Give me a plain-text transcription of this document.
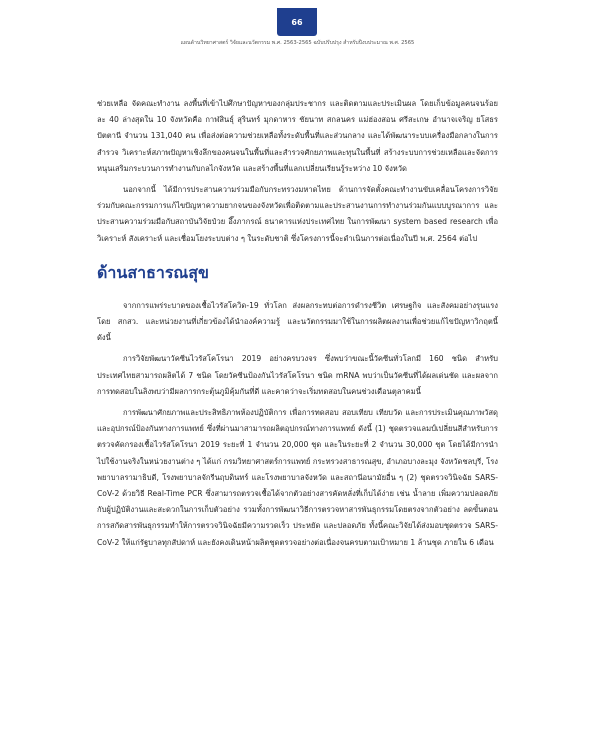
66
แผนด้านวิทยาศาสตร์ วิจัยและนวัตกรรม พ.ศ. 2563-2565 ฉบับปรับปรุง สำหรับปีงบประมาณ พ.ศ. 2565

ช่วยเหลือ จัดคณะทำงาน ลงพื้นที่เข้าไปศึกษาปัญหาของกลุ่มประชากร และติดตามและประเมินผล โดยเก็บข้อมูลคนจนร้อยละ 40 ล่างสุดใน 10 จังหวัดคือ กาฬสินธุ์ สุรินทร์ มุกดาหาร ชัยนาท สกลนคร แม่ฮ่องสอน ศรีสะเกษ อำนาจเจริญ ยโสธร ปัตตานี จำนวน 131,040 คน เพื่อส่งต่อความช่วยเหลือทั้งระดับพื้นที่และส่วนกลาง และได้พัฒนาระบบเครื่องมือกลางในการสำรวจ วิเคราะห์สภาพปัญหาเชิงลึกของคนจนในพื้นที่และสำรวจศักยภาพและทุนในพื้นที่ สร้างระบบการช่วยเหลือและจัดการหนุนเสริมกระบวนการทำงานกับกลไกจังหวัด และสร้างพื้นที่แลกเปลี่ยนเรียนรู้ระหว่าง 10 จังหวัด

นอกจากนี้ ได้มีการประสานความร่วมมือกับกระทรวงมหาดไทย ด้านการจัดตั้งคณะทำงานขับเคลื่อนโครงการวิจัยร่วมกับคณะกรรมการแก้ไขปัญหาความยากจนของจังหวัดเพื่อติดตามและประสานงานการทำงานร่วมกันแบบบูรณาการ และประสานความร่วมมือกับสถาบันวิจัยป๋วย อึ๊งภากรณ์ ธนาคารแห่งประเทศไทย ในการพัฒนา system based research เพื่อวิเคราะห์ สังเคราะห์ และเชื่อมโยงระบบต่าง ๆ ในระดับชาติ ซึ่งโครงการนี้จะดำเนินการต่อเนื่องในปี พ.ศ. 2564 ต่อไป

ด้านสาธารณสุข

จากการแพร่ระบาดของเชื้อไวรัสโควิด-19 ทั่วโลก ส่งผลกระทบต่อการดำรงชีวิต เศรษฐกิจ และสังคมอย่างรุนแรง โดย สกสว. และหน่วยงานที่เกี่ยวข้องได้นำองค์ความรู้ และนวัตกรรมมาใช้ในการผลิตผลงานเพื่อช่วยแก้ไขปัญหาวิกฤตนี้ ดังนี้

การวิจัยพัฒนาวัคซีนไวรัสโคโรนา 2019 อย่างครบวงจร ซึ่งพบว่าขณะนี้วัคซีนทั่วโลกมี 160 ชนิด สำหรับประเทศไทยสามารถผลิตได้ 7 ชนิด โดยวัคซีนป้องกันไวรัสโคโรนา ชนิด mRNA พบว่าเป็นวัคซีนที่ได้ผลเด่นชัด และผลจากการทดสอบในลิงพบว่ามีผลการกระตุ้นภูมิคุ้มกันที่ดี และคาดว่าจะเริ่มทดสอบในคนช่วงเดือนตุลาคมนี้

การพัฒนาศักยภาพและประสิทธิภาพห้องปฏิบัติการ เพื่อการทดสอบ สอบเทียบ เทียบวัด และการประเมินคุณภาพวัสดุและอุปกรณ์ป้องกันทางการแพทย์ ซึ่งที่ผ่านมาสามารถผลิตอุปกรณ์ทางการแพทย์ ดังนี้ (1) ชุดตรวจแลมป์เปลี่ยนสีสำหรับการตรวจคัดกรองเชื้อไวรัสโคโรนา 2019 ระยะที่ 1 จำนวน 20,000 ชุด และในระยะที่ 2 จำนวน 30,000 ชุด โดยได้มีการนำไปใช้งานจริงในหน่วยงานต่าง ๆ ได้แก่ กรมวิทยาศาสตร์การแพทย์ กระทรวงสาธารณสุข, อำเภอบางละมุง จังหวัดชลบุรี, โรงพยาบาลรามาธิบดี, โรงพยาบาลจักรีนฤบดินทร์ และโรงพยาบาลจังหวัด และสถานีอนามัยอื่น ๆ (2) ชุดตรวจวินิจฉัย SARS-CoV-2 ด้วยวิธี Real-Time PCR ซึ่งสามารถตรวจเชื้อได้จากตัวอย่างสารคัดหลั่งที่เก็บได้ง่าย เช่น น้ำลาย เพิ่มความปลอดภัยกับผู้ปฏิบัติงานและสะดวกในการเก็บตัวอย่าง รวมทั้งการพัฒนาวิธีการตรวจหาสารพันธุกรรมโดยตรงจากตัวอย่าง ลดขั้นตอนการสกัดสารพันธุกรรมทำให้การตรวจวินิจฉัยมีความรวดเร็ว ประหยัด และปลอดภัย ทั้งนี้คณะวิจัยได้ส่งมอบชุดตรวจ SARS-CoV-2 ให้แก่รัฐบาลทุกสัปดาห์ และยังคงเดินหน้าผลิตชุดตรวจอย่างต่อเนื่องจนครบตามเป้าหมาย 1 ล้านชุด ภายใน 6 เดือน
